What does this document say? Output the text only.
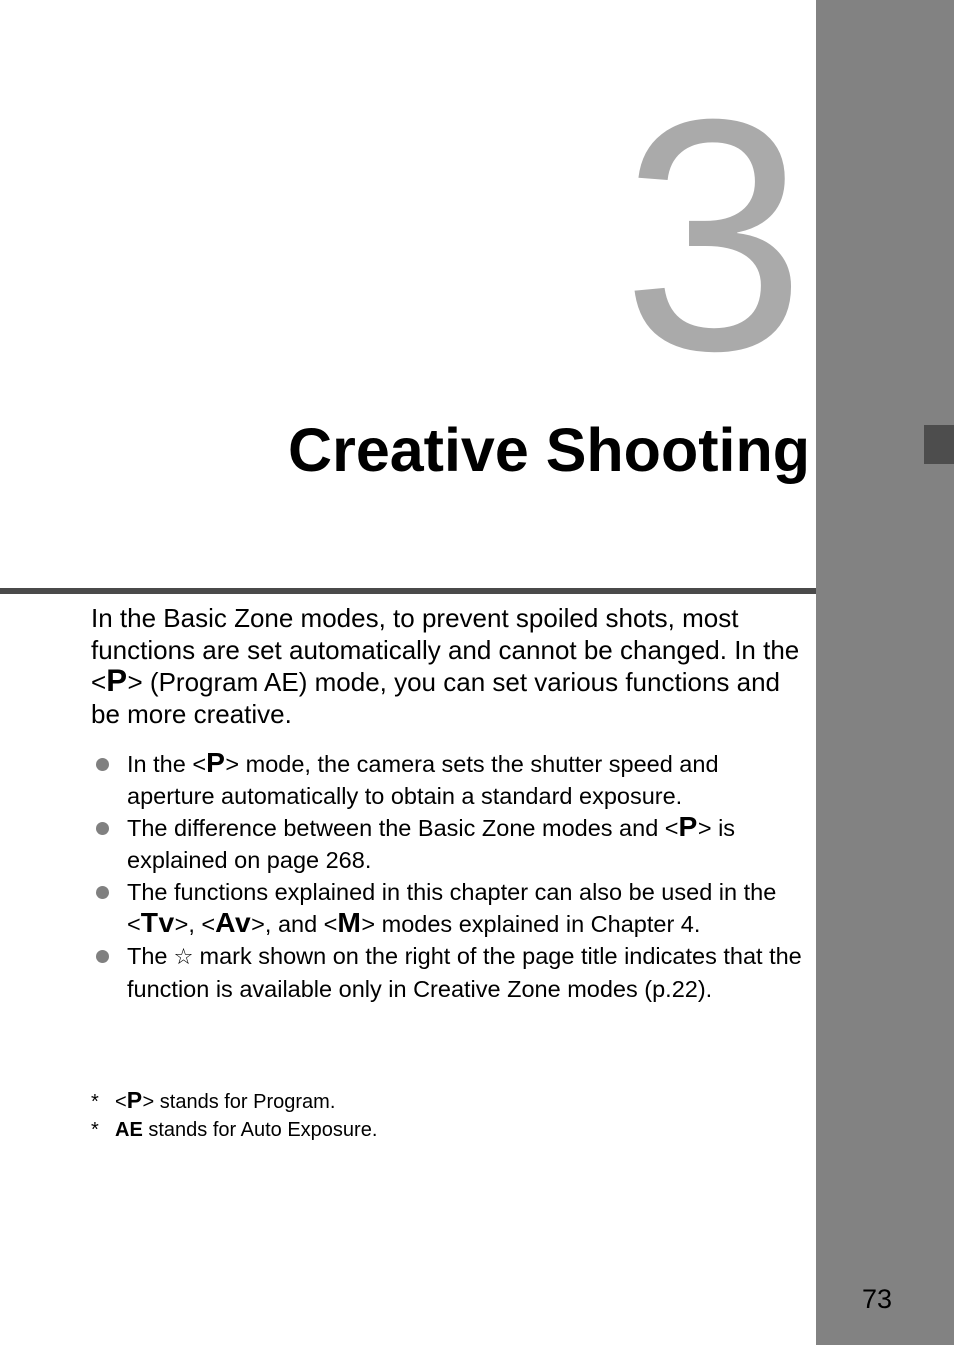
73
3
Creative Shooting

In the Basic Zone modes, to prevent spoiled shots, most functions are set automatically and cannot be changed. In the <P> (Program AE) mode, you can set various functions and be more creative.

In the <P> mode, the camera sets the shutter speed and aperture automatically to obtain a standard exposure.
The difference between the Basic Zone modes and <P> is explained on page 268.
The functions explained in this chapter can also be used in the <Tv>, <Av>, and <M> modes explained in Chapter 4.
The ☆ mark shown on the right of the page title indicates that the function is available only in Creative Zone modes (p.22).
* <P> stands for Program.
* AE stands for Auto Exposure.
